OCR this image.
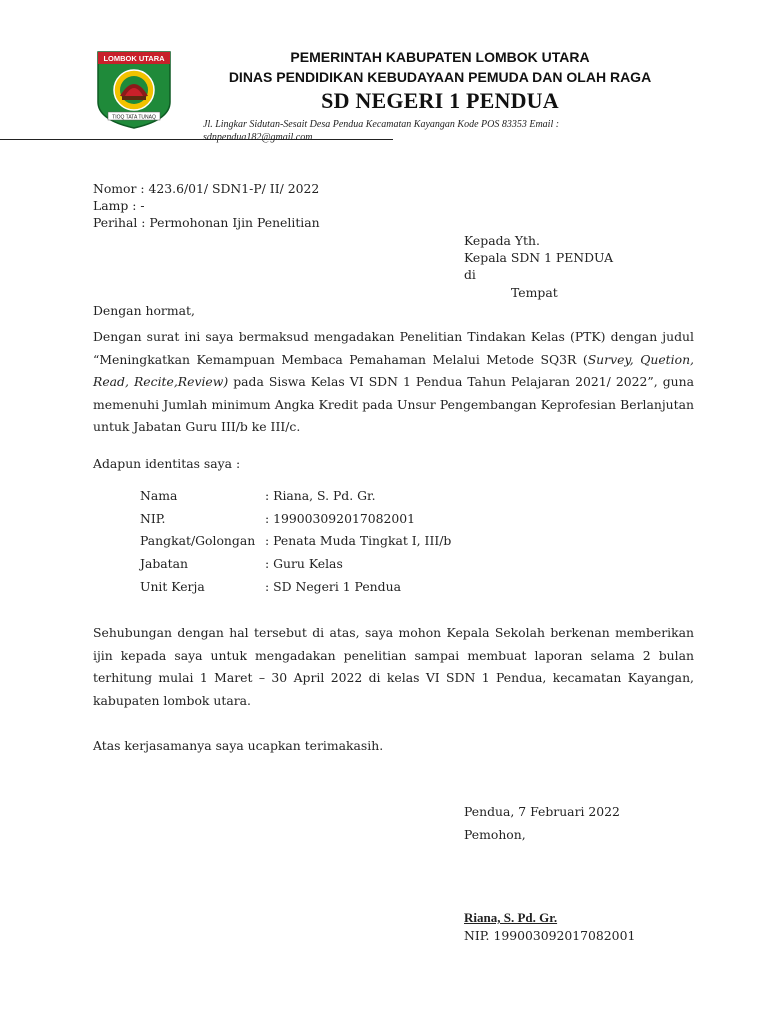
LOMBOK UTARA
TIOQ TATA TUNAQ
PEMERINTAH KABUPATEN LOMBOK UTARA
DINAS PENDIDIKAN KEBUDAYAAN PEMUDA DAN OLAH RAGA
SD NEGERI 1 PENDUA
Jl. Lingkar Sidutan-Sesait Desa Pendua Kecamatan Kayangan Kode POS 83353 Email :
sdnpendua182@gmail.com
Nomor : 423.6/01/ SDN1-P/ II/ 2022
Lamp : -
Perihal : Permohonan Ijin Penelitian
Kepada Yth.
Kepala SDN 1 PENDUA
di
Tempat
Dengan hormat,
Dengan surat ini saya bermaksud mengadakan Penelitian Tindakan Kelas (PTK) dengan judul “Meningkatkan Kemampuan Membaca Pemahaman Melalui Metode SQ3R (Survey, Quetion, Read, Recite,Review) pada Siswa Kelas VI SDN 1 Pendua Tahun Pelajaran 2021/ 2022”, guna memenuhi Jumlah minimum Angka Kredit pada Unsur Pengembangan Keprofesian Berlanjutan untuk Jabatan Guru III/b ke III/c.
Adapun identitas saya :
Nama	: Riana, S. Pd. Gr.
NIP.	: 199003092017082001
Pangkat/Golongan : Penata Muda Tingkat I, III/b
Jabatan	: Guru Kelas
Unit Kerja	: SD Negeri 1 Pendua
Sehubungan dengan hal tersebut di atas, saya mohon Kepala Sekolah berkenan memberikan ijin kepada saya untuk mengadakan penelitian sampai membuat laporan selama 2 bulan terhitung mulai 1 Maret – 30 April 2022 di kelas VI SDN 1 Pendua, kecamatan Kayangan, kabupaten lombok utara.
Atas kerjasamanya saya ucapkan terimakasih.
Pendua, 7 Februari 2022
Pemohon,
Riana, S. Pd. Gr.
NIP. 199003092017082001
